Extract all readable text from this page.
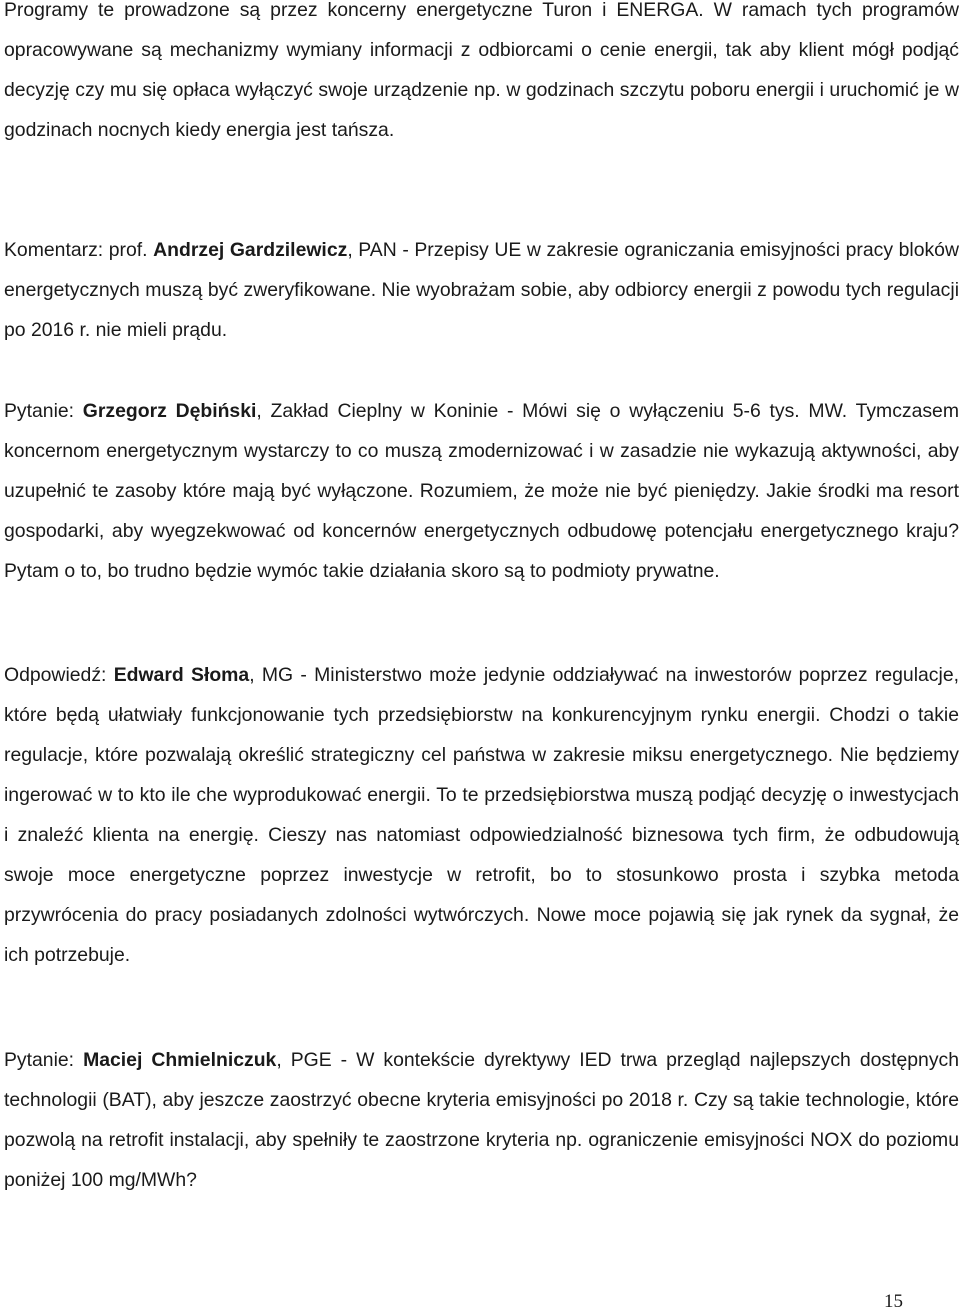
Programy te prowadzone są przez koncerny energetyczne Turon i ENERGA. W ramach tych programów opracowywane są mechanizmy wymiany informacji z odbiorcami o cenie energii, tak aby klient mógł podjąć decyzję czy mu się opłaca wyłączyć swoje urządzenie np. w godzinach szczytu poboru energii i uruchomić je w godzinach nocnych kiedy energia jest tańsza.

Komentarz: prof. Andrzej Gardzilewicz, PAN - Przepisy UE w zakresie ograniczania emisyjności pracy bloków energetycznych muszą być zweryfikowane. Nie wyobrażam sobie, aby odbiorcy energii z powodu tych regulacji po 2016 r. nie mieli prądu.

Pytanie: Grzegorz Dębiński, Zakład Cieplny w Koninie - Mówi się o wyłączeniu 5-6 tys. MW. Tymczasem koncernom energetycznym wystarczy to co muszą zmodernizować i w zasadzie nie wykazują aktywności, aby uzupełnić te zasoby które mają być wyłączone. Rozumiem, że może nie być pieniędzy. Jakie środki ma resort gospodarki, aby wyegzekwować od koncernów energetycznych odbudowę potencjału energetycznego kraju? Pytam o to, bo trudno będzie wymóc takie działania skoro są to podmioty prywatne.

Odpowiedź: Edward Słoma, MG - Ministerstwo może jedynie oddziaływać na inwestorów poprzez regulacje, które będą ułatwiały funkcjonowanie tych przedsiębiorstw na konkurencyjnym rynku energii. Chodzi o takie regulacje, które pozwalają określić strategiczny cel państwa w zakresie miksu energetycznego. Nie będziemy ingerować w to kto ile che wyprodukować energii. To te przedsiębiorstwa muszą podjąć decyzję o inwestycjach i znaleźć klienta na energię. Cieszy nas natomiast odpowiedzialność biznesowa tych firm, że odbudowują swoje moce energetyczne poprzez inwestycje w retrofit, bo to stosunkowo prosta i szybka metoda przywrócenia do pracy posiadanych zdolności wytwórczych. Nowe moce pojawią się jak rynek da sygnał, że ich potrzebuje.

Pytanie: Maciej Chmielniczuk, PGE - W kontekście dyrektywy IED trwa przegląd najlepszych dostępnych technologii (BAT), aby jeszcze zaostrzyć obecne kryteria emisyjności po 2018 r. Czy są takie technologie, które pozwolą na retrofit instalacji, aby spełniły te zaostrzone kryteria np. ograniczenie emisyjności NOX do poziomu poniżej 100 mg/MWh?

15
